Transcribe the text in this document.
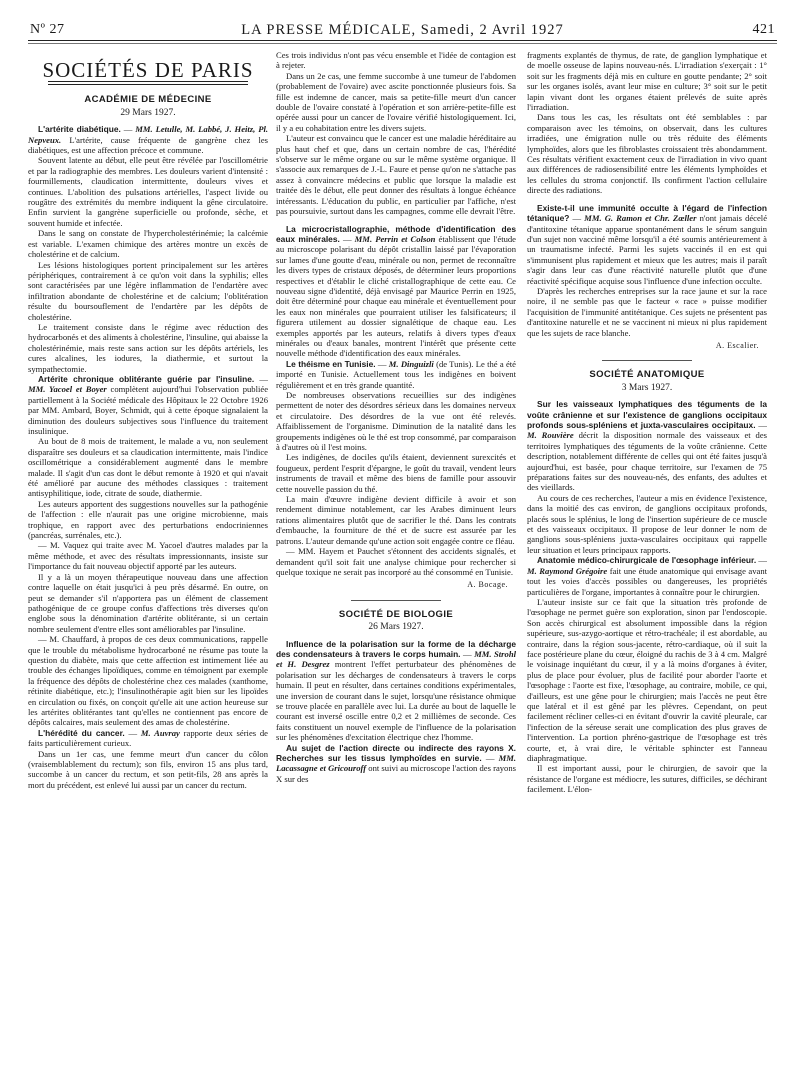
Nº 27	LA PRESSE MÉDICALE, Samedi, 2 Avril 1927	421
SOCIÉTÉS DE PARIS
ACADÉMIE DE MÉDECINE
29 Mars 1927.

L'artérite diabétique. — MM. Letulle, M. Labbé, J. Heitz, Pl. Nepveux. L'artérite, cause fréquente de gangrène chez les diabétiques, est une affection précoce et commune.

Souvent latente au début, elle peut être révélée par l'oscillométrie et par la radiographie des membres. Les douleurs varient d'intensité : fourmillements, claudication intermittente, douleurs vives et continues. L'abolition des pulsations artérielles, l'aspect livide ou rougâtre des extrémités du membre indiquent la gêne circulatoire. Enfin survient la gangrène superficielle ou profonde, sèche, et souvent humide et infectée.

Dans le sang on constate de l'hypercholestérinémie; la calcémie est variable. L'examen chimique des artères montre un excès de cholestérine et de calcium.

Les lésions histologiques portent principalement sur les artères périphériques, contrairement à ce qu'on voit dans la syphilis; elles sont caractérisées par une légère inflammation de l'endartère avec infiltration abondante de cholestérine et de calcium; l'oblitération résulte du boursouflement de l'endartère par les dépôts de cholestérine.

Le traitement consiste dans le régime avec réduction des hydrocarbonés et des aliments à cholestérine, l'insuline, qui abaisse la cholestérinémie, mais reste sans action sur les dépôts artériels, les cures alcalines, les iodures, la diathermie, et surtout la sympathectomie.

Artérite chronique oblitérante guérie par l'insuline. — MM. Yacoel et Boyer complètent aujourd'hui l'observation publiée partiellement à la Société médicale des Hôpitaux le 22 Octobre 1926 par MM. Ambard, Boyer, Schmidt, qui à cette époque signalaient la diminution des douleurs subjectives sous l'influence du traitement insulinique.

Au bout de 8 mois de traitement, le malade a vu, non seulement disparaître ses douleurs et sa claudication intermittente, mais l'indice oscillométrique a considérablement augmenté dans le membre malade. Il s'agit d'un cas dont le début remonte à 1920 et qui n'avait été amélioré par aucune des méthodes classiques : traitement antisyphilitique, iode, citrate de soude, diathermie.

Les auteurs apportent des suggestions nouvelles sur la pathogénie de l'affection : elle n'aurait pas une origine microbienne, mais trophique, en rapport avec des perturbations endocriniennes (pancréas, surrénales, etc.).

— M. Vaquez qui traite avec M. Yacoel d'autres malades par la même méthode, et avec des résultats impressionnants, insiste sur l'importance du fait nouveau objectif apporté par les auteurs.

Il y a là un moyen thérapeutique nouveau dans une affection contre laquelle on était jusqu'ici à peu près désarmé. En outre, on peut se demander s'il n'apportera pas un élément de classement pathogénique de ce groupe confus d'affections très diverses qu'on englobe sous la dénomination d'artérite oblitérante, si un certain nombre seulement d'entre elles sont améliorables par l'insuline.

— M. Chauffard, à propos de ces deux communications, rappelle que le trouble du métabolisme hydrocarboné ne résume pas toute la question du diabète, mais que cette affection est intimement liée au trouble des échanges lipoïdiques, comme en témoignent par exemple la fréquence des dépôts de cholestérine chez ces malades (xanthome, rétinite diabétique, etc.); l'insulinothérapie agit bien sur les lipoïdes en circulation ou fixés, on conçoit qu'elle ait une action heureuse sur les artérites oblitérantes tant qu'elles ne contiennent pas encore de dépôts calcaires, mais seulement des amas de cholestérine.

L'hérédité du cancer. — M. Auvray rapporte deux séries de faits particulièrement curieux.

Dans un 1er cas, une femme meurt d'un cancer du côlon (vraisemblablement du rectum); son fils, environ 15 ans plus tard, succombe à un cancer du rectum, et son petit-fils, 28 ans après la mort du précédent, est enlevé lui aussi par un cancer du rectum.

Ces trois individus n'ont pas vécu ensemble et l'idée de contagion est à rejeter.

Dans un 2e cas, une femme succombe à une tumeur de l'abdomen (probablement de l'ovaire) avec ascite ponctionnée plusieurs fois. Sa fille est indemne de cancer, mais sa petite-fille meurt d'un cancer double de l'ovaire constaté à l'opération et son arrière-petite-fille est opérée aussi pour un cancer de l'ovaire vérifié histologiquement. Ici, il y a eu cohabitation entre les divers sujets.

L'auteur est convaincu que le cancer est une maladie héréditaire au plus haut chef et que, dans un certain nombre de cas, l'hérédité s'observe sur le même organe ou sur le même système organique. Il s'associe aux remarques de J.-L. Faure et pense qu'on ne s'attache pas assez à convaincre médecins et public que lorsque la maladie est traitée dès le début, elle peut donner des résultats à longue échéance intéressants. L'éducation du public, en particulier par l'affiche, n'est pas poursuivie, surtout dans les campagnes, comme elle devrait l'être.

La microcristallographie, méthode d'identification des eaux minérales. — MM. Perrin et Colson établissent que l'étude au microscope polarisant du dépôt cristallin laissé par l'évaporation sur lames d'une goutte d'eau, minérale ou non, permet de reconnaître les divers types de cristaux déposés, de déterminer leurs proportions respectives et d'établir le cliché cristallographique de cette eau. Ce nouveau signe d'identité, déjà envisagé par Maurice Perrin en 1925, doit être déterminé pour chaque eau minérale et éventuellement pour les eaux non minérales que pourraient utiliser les falsificateurs; il figurera utilement au dossier signalétique de chaque eau. Les exemples apportés par les auteurs, relatifs à divers types d'eaux minérales ou d'eaux banales, montrent l'intérêt que présente cette nouvelle méthode d'identification des eaux minérales.

Le théisme en Tunisie. — M. Dinguizli (de Tunis). Le thé a été importé en Tunisie. Actuellement tous les indigènes en boivent régulièrement et en très grande quantité.

De nombreuses observations recueillies sur des indigènes permettent de noter des désordres sérieux dans les domaines nerveux et circulatoire. Des désordres de la vue ont été relevés. Affaiblissement de l'organisme. Diminution de la natalité dans les groupements indigènes où le thé est trop consommé, par comparaison à d'autres où il l'est moins.

Les indigènes, de dociles qu'ils étaient, deviennent surexcités et fougueux, perdent l'esprit d'épargne, le goût du travail, vendent leurs instruments de travail et même des biens de famille pour assouvir cette nouvelle passion du thé.

La main d'œuvre indigène devient difficile à avoir et son rendement diminue notablement, car les Arabes diminuent leurs rations alimentaires plutôt que de sacrifier le thé. Dans les contrats d'embauche, la fourniture de thé et de sucre est assurée par les patrons. L'auteur demande qu'une action soit engagée contre ce fléau.

— MM. Hayem et Pauchet s'étonnent des accidents signalés, et demandent qu'il soit fait une analyse chimique pour rechercher si quelque toxique ne serait pas incorporé au thé consommé en Tunisie.

A. Bocage.
SOCIÉTÉ DE BIOLOGIE
26 Mars 1927.

Influence de la polarisation sur la forme de la décharge des condensateurs à travers le corps humain. — MM. Strohl et H. Desgrez montrent l'effet perturbateur des phénomènes de polarisation sur les décharges de condensateurs à travers le corps humain. Il peut en résulter, dans certaines conditions expérimentales, une inversion de courant dans le sujet, lorsqu'une résistance ohmique se trouve placée en parallèle avec lui. La durée au bout de laquelle le courant est inversé oscille entre 0,2 et 2 millièmes de seconde. Ces faits constituent un nouvel exemple de l'influence de la polarisation sur les phénomènes d'excitation électrique chez l'homme.

Au sujet de l'action directe ou indirecte des rayons X. Recherches sur les tissus lymphoïdes en survie. — MM. Lacassagne et Gricouroff ont suivi au microscope l'action des rayons X sur des

fragments explantés de thymus, de rate, de ganglion lymphatique et de moelle osseuse de lapins nouveau-nés. L'irradiation s'exerçait : 1° soit sur les fragments déjà mis en culture en goutte pendante; 2° soit sur les organes isolés, avant leur mise en culture; 3° soit sur le petit lapin vivant dont les organes étaient prélevés de suite après l'irradiation.

Dans tous les cas, les résultats ont été semblables : par comparaison avec les témoins, on observait, dans les cultures irradiées, une émigration nulle ou très réduite des éléments lymphoïdes, alors que les fibroblastes croissaient très abondamment. Ces résultats vérifient exactement ceux de l'irradiation in vivo quant aux différences de radiosensibilité entre les éléments lymphoïdes et les cellules du stroma conjonctif. Ils confirment l'action cellulaire directe des radiations.

Existe-t-il une immunité occulte à l'égard de l'infection tétanique? — MM. G. Ramon et Chr. Zœller n'ont jamais décelé d'antitoxine tétanique apparue spontanément dans le sérum sanguin d'un sujet non vacciné même lorsqu'il a été soumis antérieurement à un traumatisme infecté. Parmi les sujets vaccinés il en est qui s'immunisent plus rapidement et mieux que les autres; mais il paraît s'agir dans leur cas d'une réactivité naturelle plutôt que d'une réactivité spécifique acquise sous l'influence d'une infection occulte.

D'après les recherches entreprises sur la race jaune et sur la race noire, il ne semble pas que le facteur « race » puisse modifier l'acquisition de l'immunité antitétanique. Ces sujets ne présentent pas d'antitoxine naturelle et ne se vaccinent ni mieux ni plus rapidement que les sujets de race blanche.

A. Escalier.
SOCIÉTÉ ANATOMIQUE
3 Mars 1927.

Sur les vaisseaux lymphatiques des téguments de la voûte crânienne et sur l'existence de ganglions occipitaux profonds sous-spléniens et juxta-vasculaires occipitaux. — M. Rouvière décrit la disposition normale des vaisseaux et des territoires lymphatiques des téguments de la voûte crânienne. Cette description, notablement différente de celles qui ont été faites jusqu'à aujourd'hui, est basée, pour chaque territoire, sur l'examen de 75 préparations faites sur des nouveau-nés, des enfants, des adultes et des vieillards.

Au cours de ces recherches, l'auteur a mis en évidence l'existence, dans la moitié des cas environ, de ganglions occipitaux profonds, placés sous le splénius, le long de l'insertion supérieure de ce muscle et des vaisseaux occipitaux. Il propose de leur donner le nom de ganglions sous-spléniens juxta-vasculaires occipitaux qui rappelle leur situation et leurs principaux rapports.

Anatomie médico-chirurgicale de l'œsophage inférieur. — M. Raymond Grégoire fait une étude anatomique qui envisage avant tout les voies d'accès possibles ou dangereuses, les propriétés particulières de l'organe, importantes à connaître pour le chirurgien.

L'auteur insiste sur ce fait que la situation très profonde de l'œsophage ne permet guère son exploration, sinon par l'endoscopie. Son accès chirurgical est absolument impossible dans la région supérieure, sus-azygo-aortique et rétro-trachéale; il est abordable, au contraire, dans la région sous-jacente, rétro-cardiaque, où il suit la face postérieure plane du cœur, éloigné du rachis de 3 à 4 cm. Malgré le voisinage inquiétant du cœur, il y a là moins d'organes à éviter, plus de place pour évoluer, plus de facilité pour aborder l'aorte et l'œsophage : l'aorte est fixe, l'œsophage, au contraire, mobile, ce qui, d'ailleurs, est une gêne pour le chirurgien; mais l'accès ne peut être que latéral et il est gêné par les plèvres. Cependant, on peut facilement récliner celles-ci en évitant d'ouvrir la cavité pleurale, car l'infection de la séreuse serait une complication des plus graves de l'intervention. La portion phréno-gastrique de l'œsophage est très courte, et, à vrai dire, le véritable sphincter est l'anneau diaphragmatique.

Il est important aussi, pour le chirurgien, de savoir que la résistance de l'organe est médiocre, les sutures, difficiles, se déchirant facilement. L'élon-
